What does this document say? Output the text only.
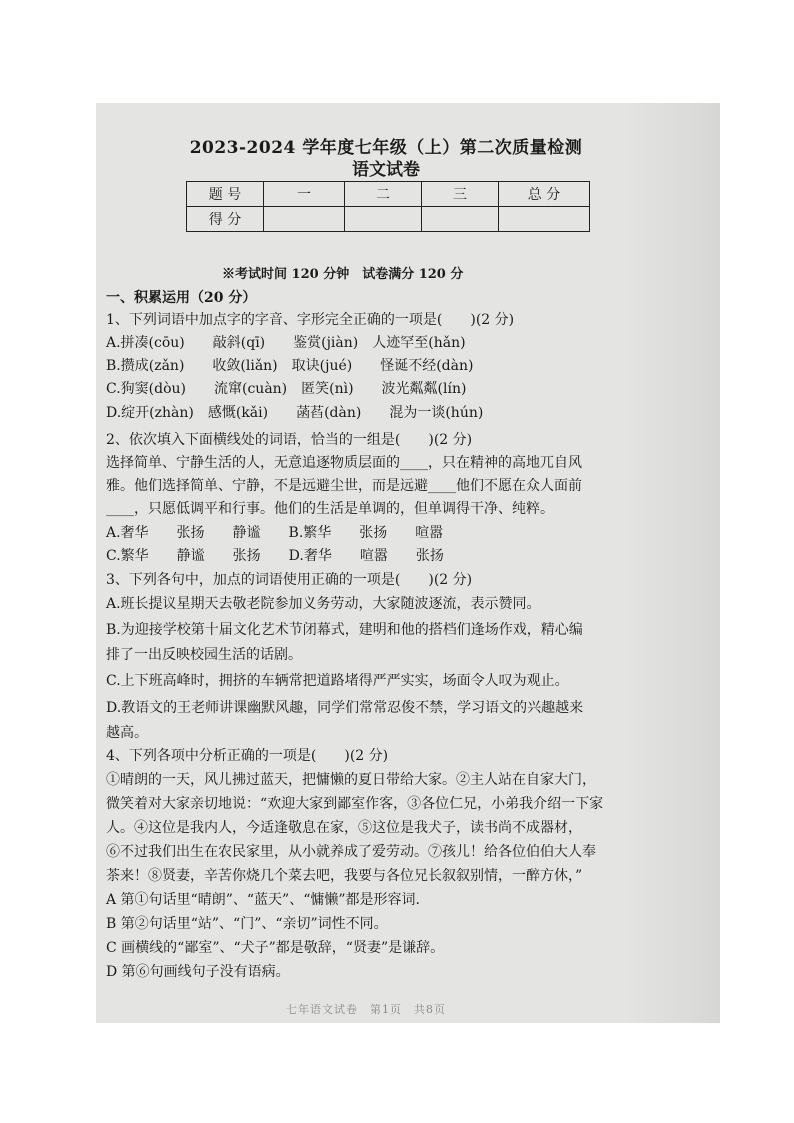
2023-2024 学年度七年级（上）第二次质量检测
语文试卷
题 号	一	二	三	总 分
得 分				
※考试时间 120 分钟　试卷满分 120 分
一、积累运用（20 分）
1、下列词语中加点字的字音、字形完全正确的一项是(　　)(2 分)
A.拼凑(cōu)　　敲斜(qī)　　鉴赏(jiàn)　人迹罕至(hǎn)
B.攒成(zǎn)　　收敛(liǎn)　取诀(jué)　　怪诞不经(dàn)
C.狗窦(dòu)　　流窜(cuàn)　匿笑(nì)　　波光粼粼(lín)
D.绽开(zhàn)　感慨(kǎi)　　菡萏(dàn)　　混为一谈(hún)
2、依次填入下面横线处的词语，恰当的一组是(　　)(2 分)
选择简单、宁静生活的人，无意追逐物质层面的____，只在精神的高地兀自风
雅。他们选择简单、宁静，不是远避尘世，而是远避____他们不愿在众人面前
____，只愿低调平和行事。他们的生活是单调的，但单调得干净、纯粹。
A.奢华　　张扬　　静谧　　B.繁华　　张扬　　喧嚣
C.繁华　　静谧　　张扬　　D.奢华　　喧嚣　　张扬
3、下列各句中，加点的词语使用正确的一项是(　　)(2 分)
A.班长提议星期天去敬老院参加义务劳动，大家随波逐流，表示赞同。
B.为迎接学校第十届文化艺术节闭幕式，建明和他的搭档们逢场作戏，精心编
排了一出反映校园生活的话剧。
C.上下班高峰时，拥挤的车辆常把道路堵得严严实实，场面令人叹为观止。
D.教语文的王老师讲课幽默风趣，同学们常常忍俊不禁，学习语文的兴趣越来
越高。
4、下列各项中分析正确的一项是(　　)(2 分)
①晴朗的一天，风儿拂过蓝天，把慵懒的夏日带给大家。②主人站在自家大门，
微笑着对大家亲切地说：“欢迎大家到鄙室作客，③各位仁兄，小弟我介绍一下家
人。④这位是我内人，今适逢敬息在家，⑤这位是我犬子，读书尚不成器材，
⑥不过我们出生在农民家里，从小就养成了爱劳动。⑦孩儿！给各位伯伯大人奉
茶来！⑧贤妻，辛苦你烧几个菜去吧，我要与各位兄长叙叙别情，一醉方休，”
A 第①句话里“晴朗”、“蓝天”、“慵懒”都是形容词.
B 第②句话里“站”、“门”、“亲切”词性不同。
C 画横线的“鄙室”、“犬子”都是敬辞，“贤妻”是谦辞。
D 第⑥句画线句子没有语病。
七年语文试卷　第1页　共8页
